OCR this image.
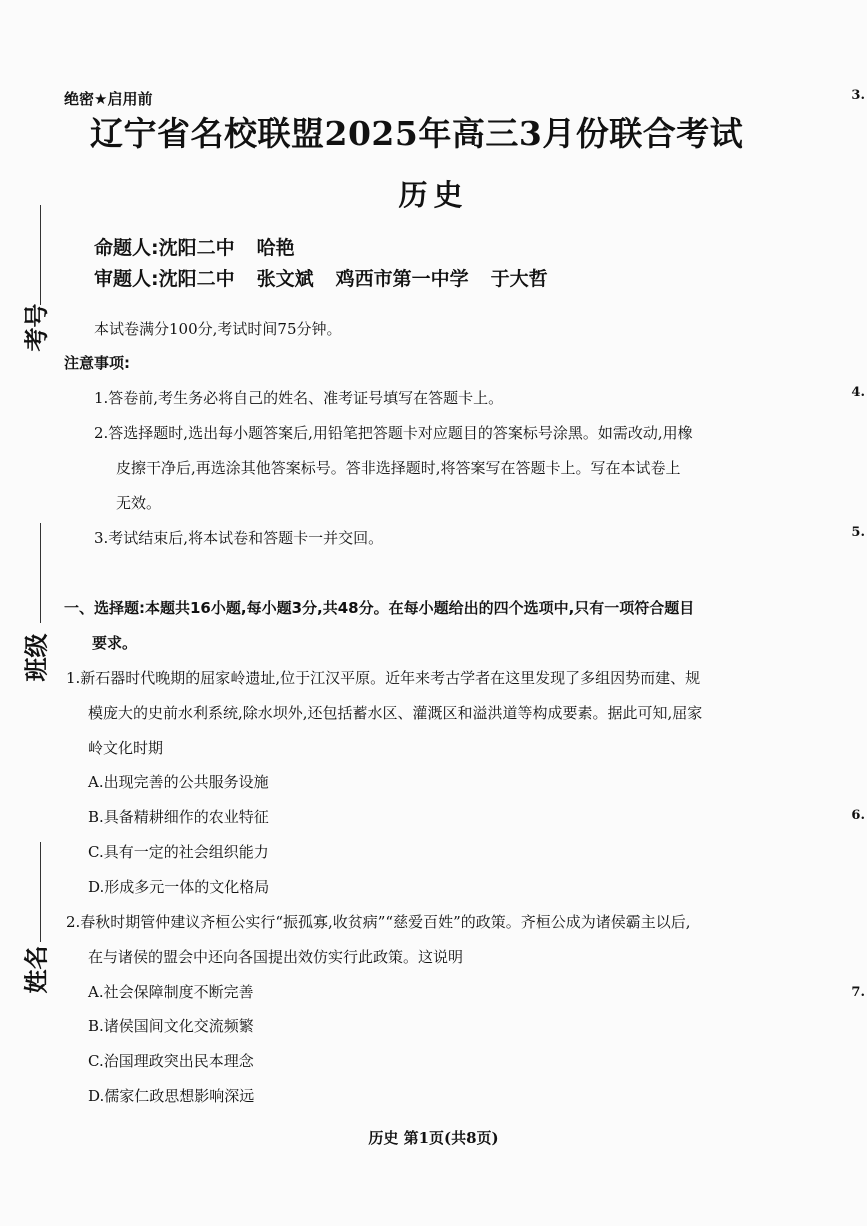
绝密★启用前
辽宁省名校联盟2025年高三3月份联合考试
历史
命题人:沈阳二中 哈艳
审题人:沈阳二中 张文斌 鸡西市第一中学 于大哲
本试卷满分100分,考试时间75分钟。
注意事项:
1.答卷前,考生务必将自己的姓名、准考证号填写在答题卡上。
2.答选择题时,选出每小题答案后,用铅笔把答题卡对应题目的答案标号涂黑。如需改动,用橡
皮擦干净后,再选涂其他答案标号。答非选择题时,将答案写在答题卡上。写在本试卷上
无效。
3.考试结束后,将本试卷和答题卡一并交回。
一、选择题:本题共16小题,每小题3分,共48分。在每小题给出的四个选项中,只有一项符合题目
要求。
1.新石器时代晚期的屈家岭遗址,位于江汉平原。近年来考古学者在这里发现了多组因势而建、规
模庞大的史前水利系统,除水坝外,还包括蓄水区、灌溉区和溢洪道等构成要素。据此可知,屈家
岭文化时期
A.出现完善的公共服务设施
B.具备精耕细作的农业特征
C.具有一定的社会组织能力
D.形成多元一体的文化格局
2.春秋时期管仲建议齐桓公实行“振孤寡,收贫病”“慈爱百姓”的政策。齐桓公成为诸侯霸主以后,
在与诸侯的盟会中还向各国提出效仿实行此政策。这说明
A.社会保障制度不断完善
B.诸侯国间文化交流频繁
C.治国理政突出民本理念
D.儒家仁政思想影响深远
考号
班级
姓名
3.
4.
5.
6.
7.
历史 第1页(共8页)
